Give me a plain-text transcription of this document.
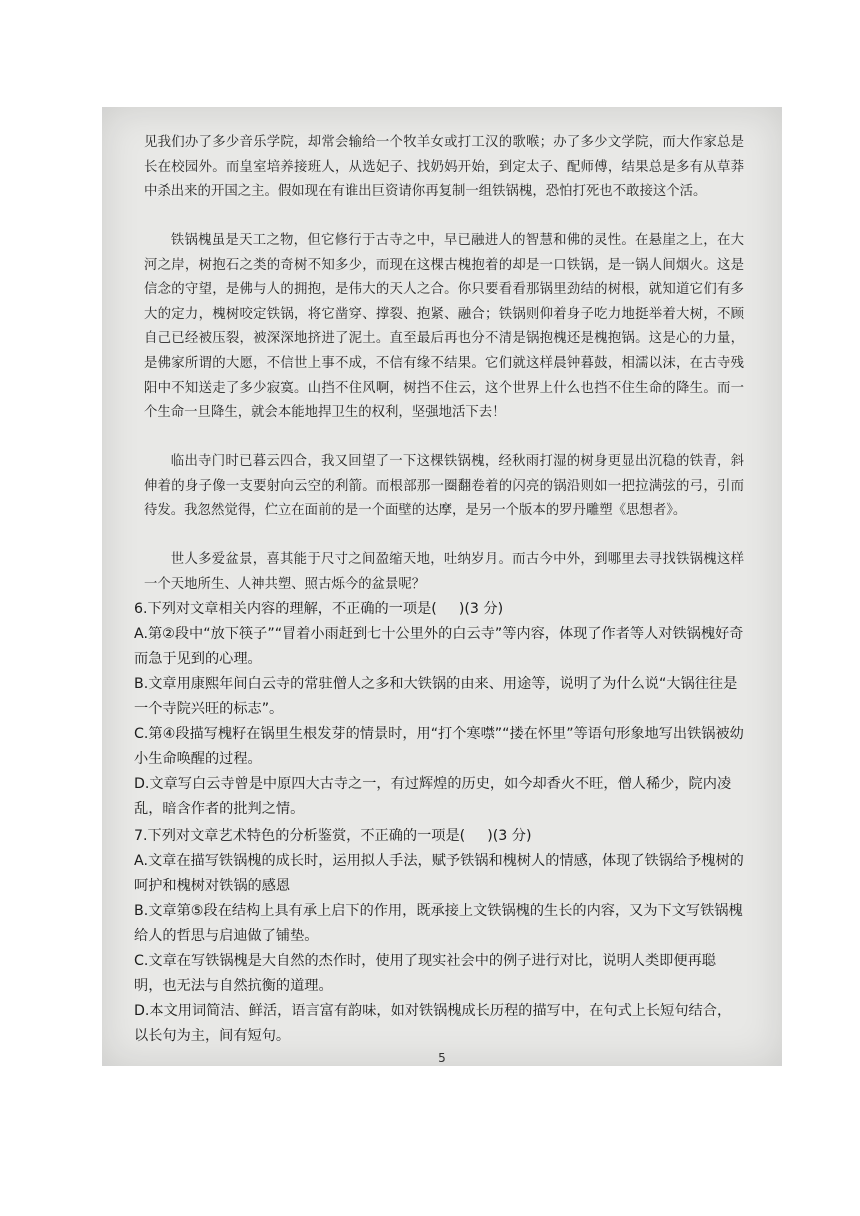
见我们办了多少音乐学院，却常会输给一个牧羊女或打工汉的歌喉；办了多少文学院，而大作家总是长在校园外。而皇室培养接班人，从选妃子、找奶妈开始，到定太子、配师傅，结果总是多有从草莽中杀出来的开国之主。假如现在有谁出巨资请你再复制一组铁锅槐，恐怕打死也不敢接这个活。

铁锅槐虽是天工之物，但它修行于古寺之中，早已融进人的智慧和佛的灵性。在悬崖之上，在大河之岸，树抱石之类的奇树不知多少，而现在这棵古槐抱着的却是一口铁锅，是一锅人间烟火。这是信念的守望，是佛与人的拥抱，是伟大的天人之合。你只要看看那锅里劲结的树根，就知道它们有多大的定力，槐树咬定铁锅，将它凿穿、撑裂、抱紧、融合；铁锅则仰着身子吃力地挺举着大树，不顾自己已经被压裂，被深深地挤进了泥土。直至最后再也分不清是锅抱槐还是槐抱锅。这是心的力量，是佛家所谓的大愿，不信世上事不成，不信有缘不结果。它们就这样晨钟暮鼓，相濡以沫，在古寺残阳中不知送走了多少寂寞。山挡不住风啊，树挡不住云，这个世界上什么也挡不住生命的降生。而一个生命一旦降生，就会本能地捍卫生的权利，坚强地活下去！

临出寺门时已暮云四合，我又回望了一下这棵铁锅槐，经秋雨打湿的树身更显出沉稳的铁青，斜伸着的身子像一支要射向云空的利箭。而根部那一圈翻卷着的闪亮的锅沿则如一把拉满弦的弓，引而待发。我忽然觉得，伫立在面前的是一个面壁的达摩，是另一个版本的罗丹雕塑《思想者》。

世人多爱盆景，喜其能于尺寸之间盈缩天地，吐纳岁月。而古今中外，到哪里去寻找铁锅槐这样一个天地所生、人神共塑、照古烁今的盆景呢？

6.下列对文章相关内容的理解，不正确的一项是( )(3 分)

A.第②段中“放下筷子”“冒着小雨赶到七十公里外的白云寺”等内容，体现了作者等人对铁锅槐好奇而急于见到的心理。

B.文章用康熙年间白云寺的常驻僧人之多和大铁锅的由来、用途等，说明了为什么说“大锅往往是一个寺院兴旺的标志”。

C.第④段描写槐籽在锅里生根发芽的情景时，用“打个寒噤”“搂在怀里”等语句形象地写出铁锅被幼小生命唤醒的过程。

D.文章写白云寺曾是中原四大古寺之一，有过辉煌的历史，如今却香火不旺，僧人稀少，院内凌乱，暗含作者的批判之情。

7.下列对文章艺术特色的分析鉴赏，不正确的一项是( )(3 分)

A.文章在描写铁锅槐的成长时，运用拟人手法，赋予铁锅和槐树人的情感，体现了铁锅给予槐树的呵护和槐树对铁锅的感恩

B.文章第⑤段在结构上具有承上启下的作用，既承接上文铁锅槐的生长的内容，又为下文写铁锅槐给人的哲思与启迪做了铺垫。

C.文章在写铁锅槐是大自然的杰作时，使用了现实社会中的例子进行对比，说明人类即便再聪明，也无法与自然抗衡的道理。

D.本文用词简洁、鲜活，语言富有韵味，如对铁锅槐成长历程的描写中，在句式上长短句结合，以长句为主，间有短句。

5
